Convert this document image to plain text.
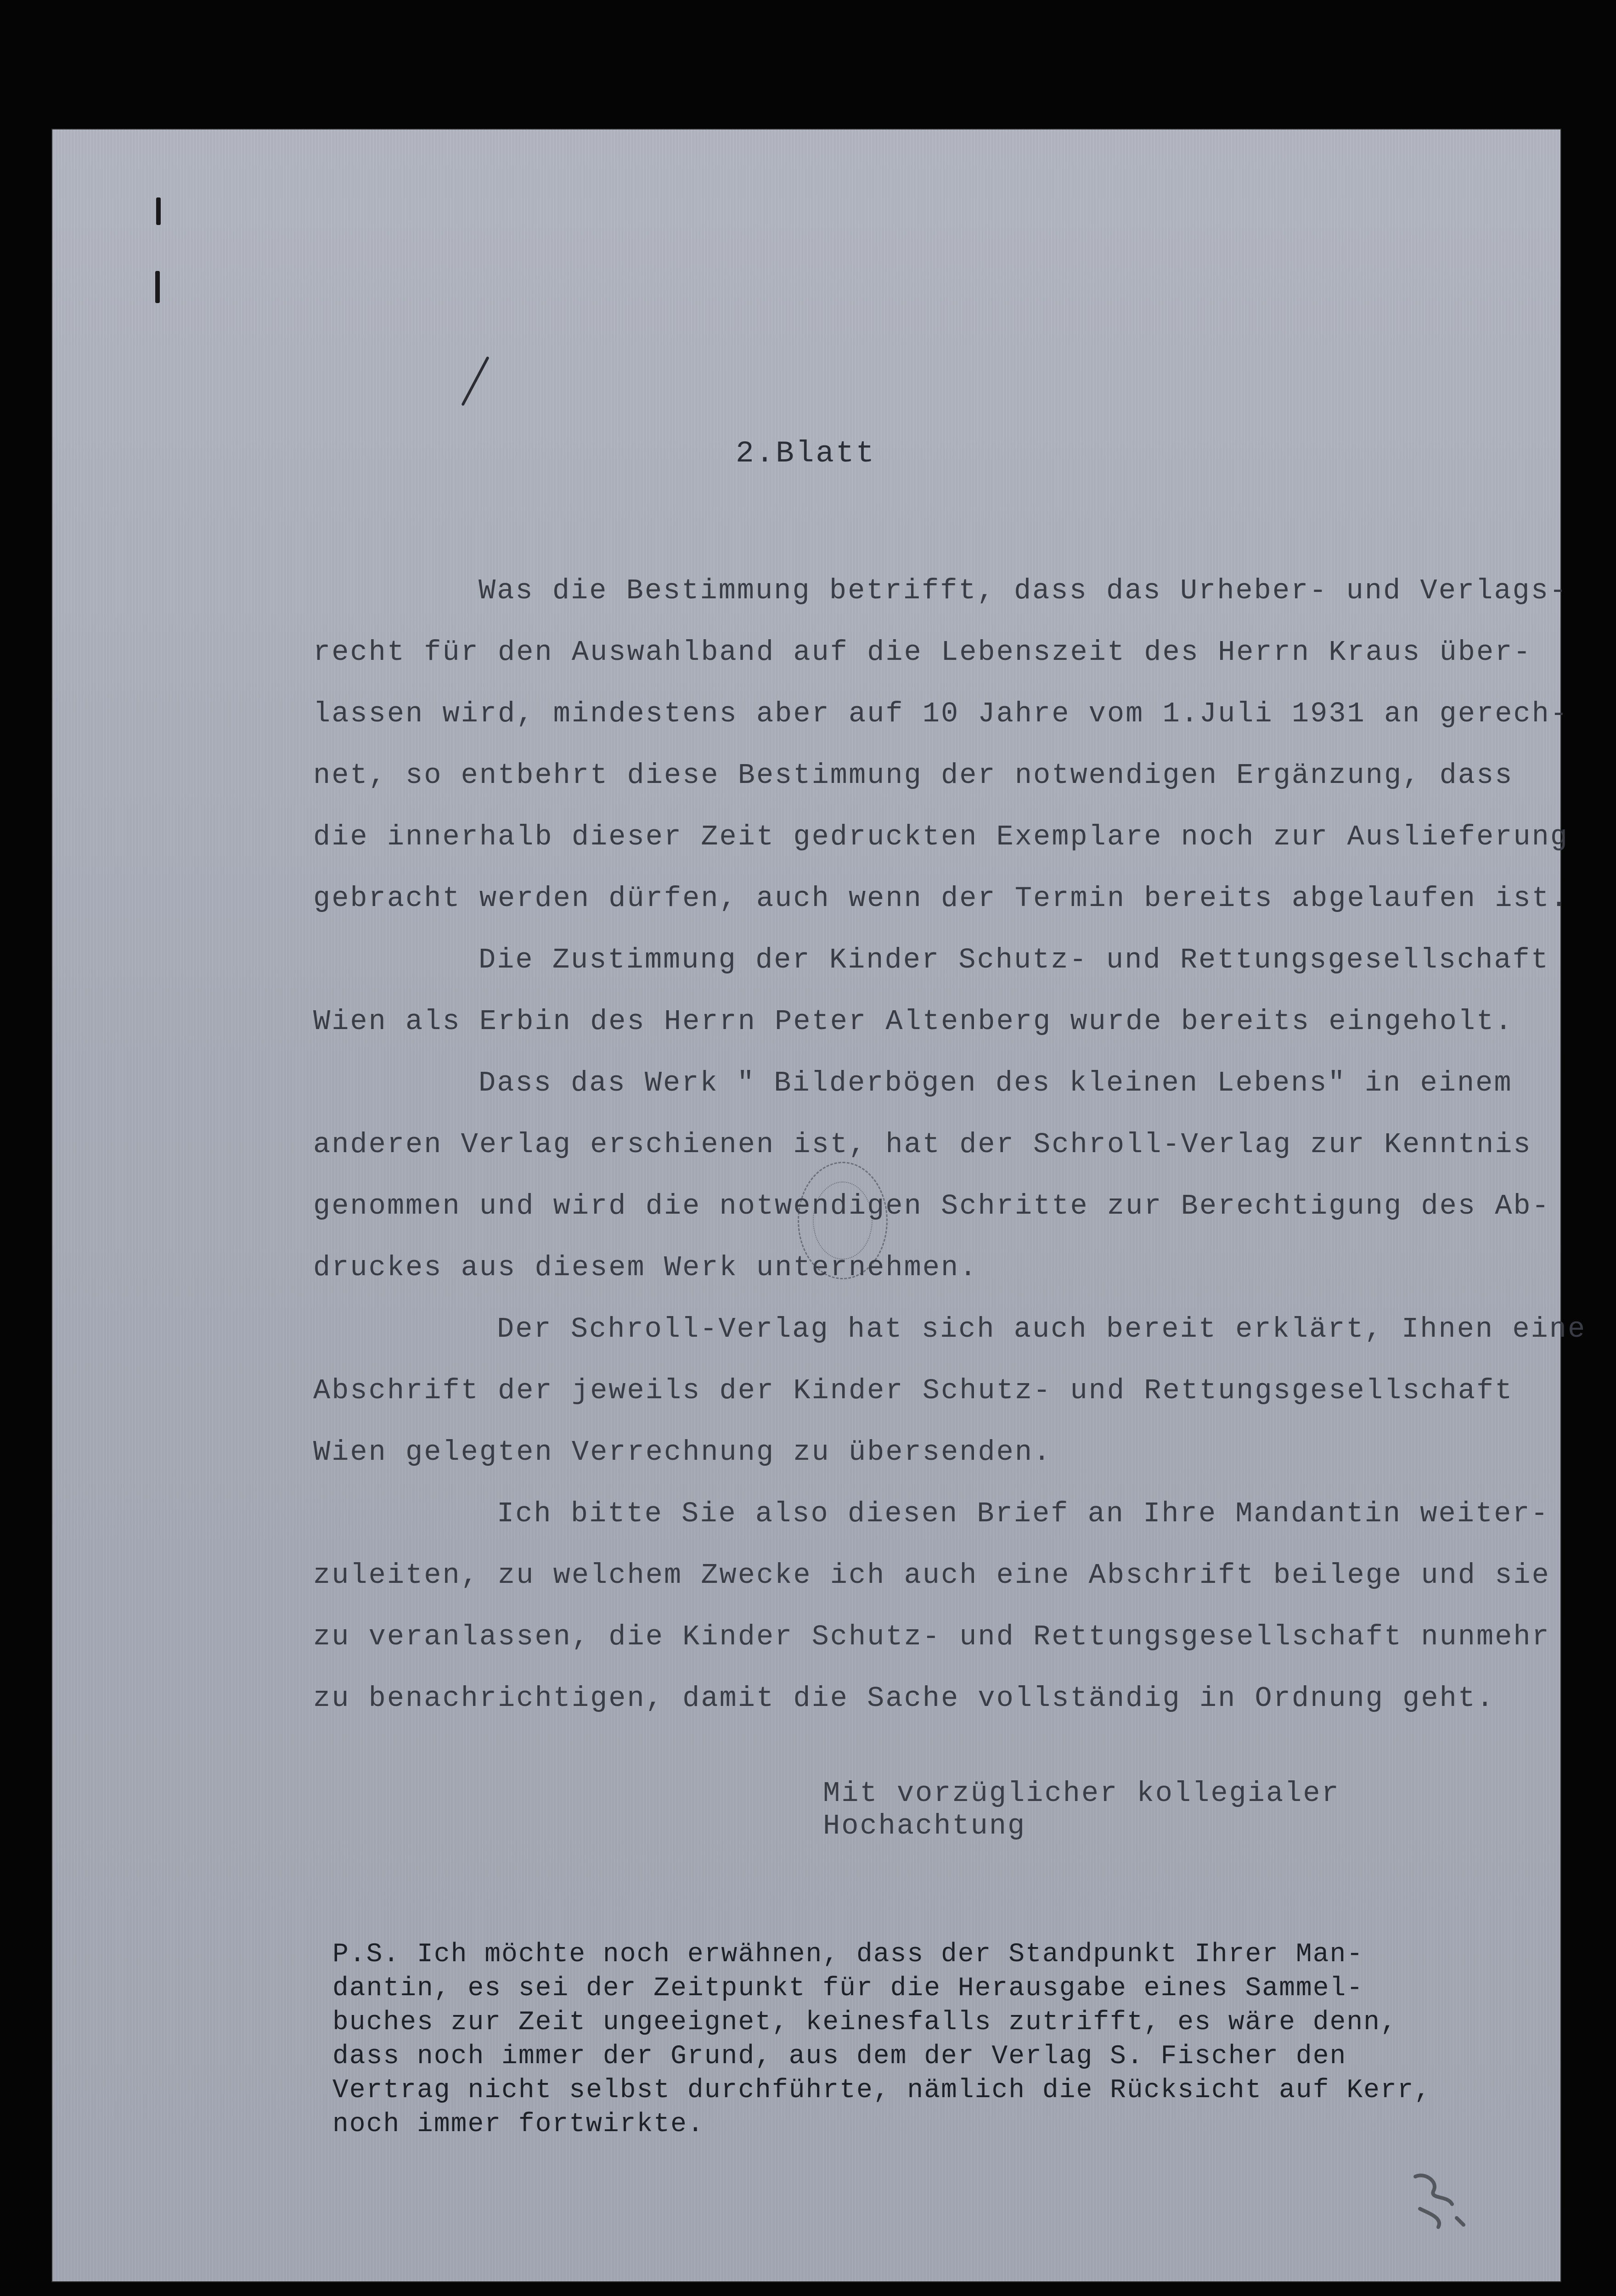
2.Blatt

Was die Bestimmung betrifft, dass das Urheber- und Verlags-
recht für den Auswahlband auf die Lebenszeit des Herrn Kraus über-
lassen wird, mindestens aber auf 10 Jahre vom 1.Juli 1931 an gerech-
net, so entbehrt diese Bestimmung der notwendigen Ergänzung, dass
die innerhalb dieser Zeit gedruckten Exemplare noch zur Auslieferung
gebracht werden dürfen, auch wenn der Termin bereits abgelaufen ist.

Die Zustimmung der Kinder Schutz- und Rettungsgesellschaft
Wien als Erbin des Herrn Peter Altenberg wurde bereits eingeholt.

Dass das Werk " Bilderbögen des kleinen Lebens" in einem
anderen Verlag erschienen ist, hat der Schroll-Verlag zur Kenntnis
genommen und wird die notwendigen Schritte zur Berechtigung des Ab-
druckes aus diesem Werk unternehmen.

Der Schroll-Verlag hat sich auch bereit erklärt, Ihnen eine
Abschrift der jeweils der Kinder Schutz- und Rettungsgesellschaft
Wien gelegten Verrechnung zu übersenden.

Ich bitte Sie also diesen Brief an Ihre Mandantin weiter-
zuleiten, zu welchem Zwecke ich auch eine Abschrift beilege und sie
zu veranlassen, die Kinder Schutz- und Rettungsgesellschaft nunmehr
zu benachrichtigen, damit die Sache vollständig in Ordnung geht.

Mit vorzüglicher kollegialer Hochachtung
P.S. Ich möchte noch erwähnen, dass der Standpunkt Ihrer Man-
dantin, es sei der Zeitpunkt für die Herausgabe eines Sammel-
buches zur Zeit ungeeignet, keinesfalls zutrifft, es wäre denn,
dass noch immer der Grund, aus dem der Verlag S. Fischer den
Vertrag nicht selbst durchführte, nämlich die Rücksicht auf Kerr,
noch immer fortwirkte.
